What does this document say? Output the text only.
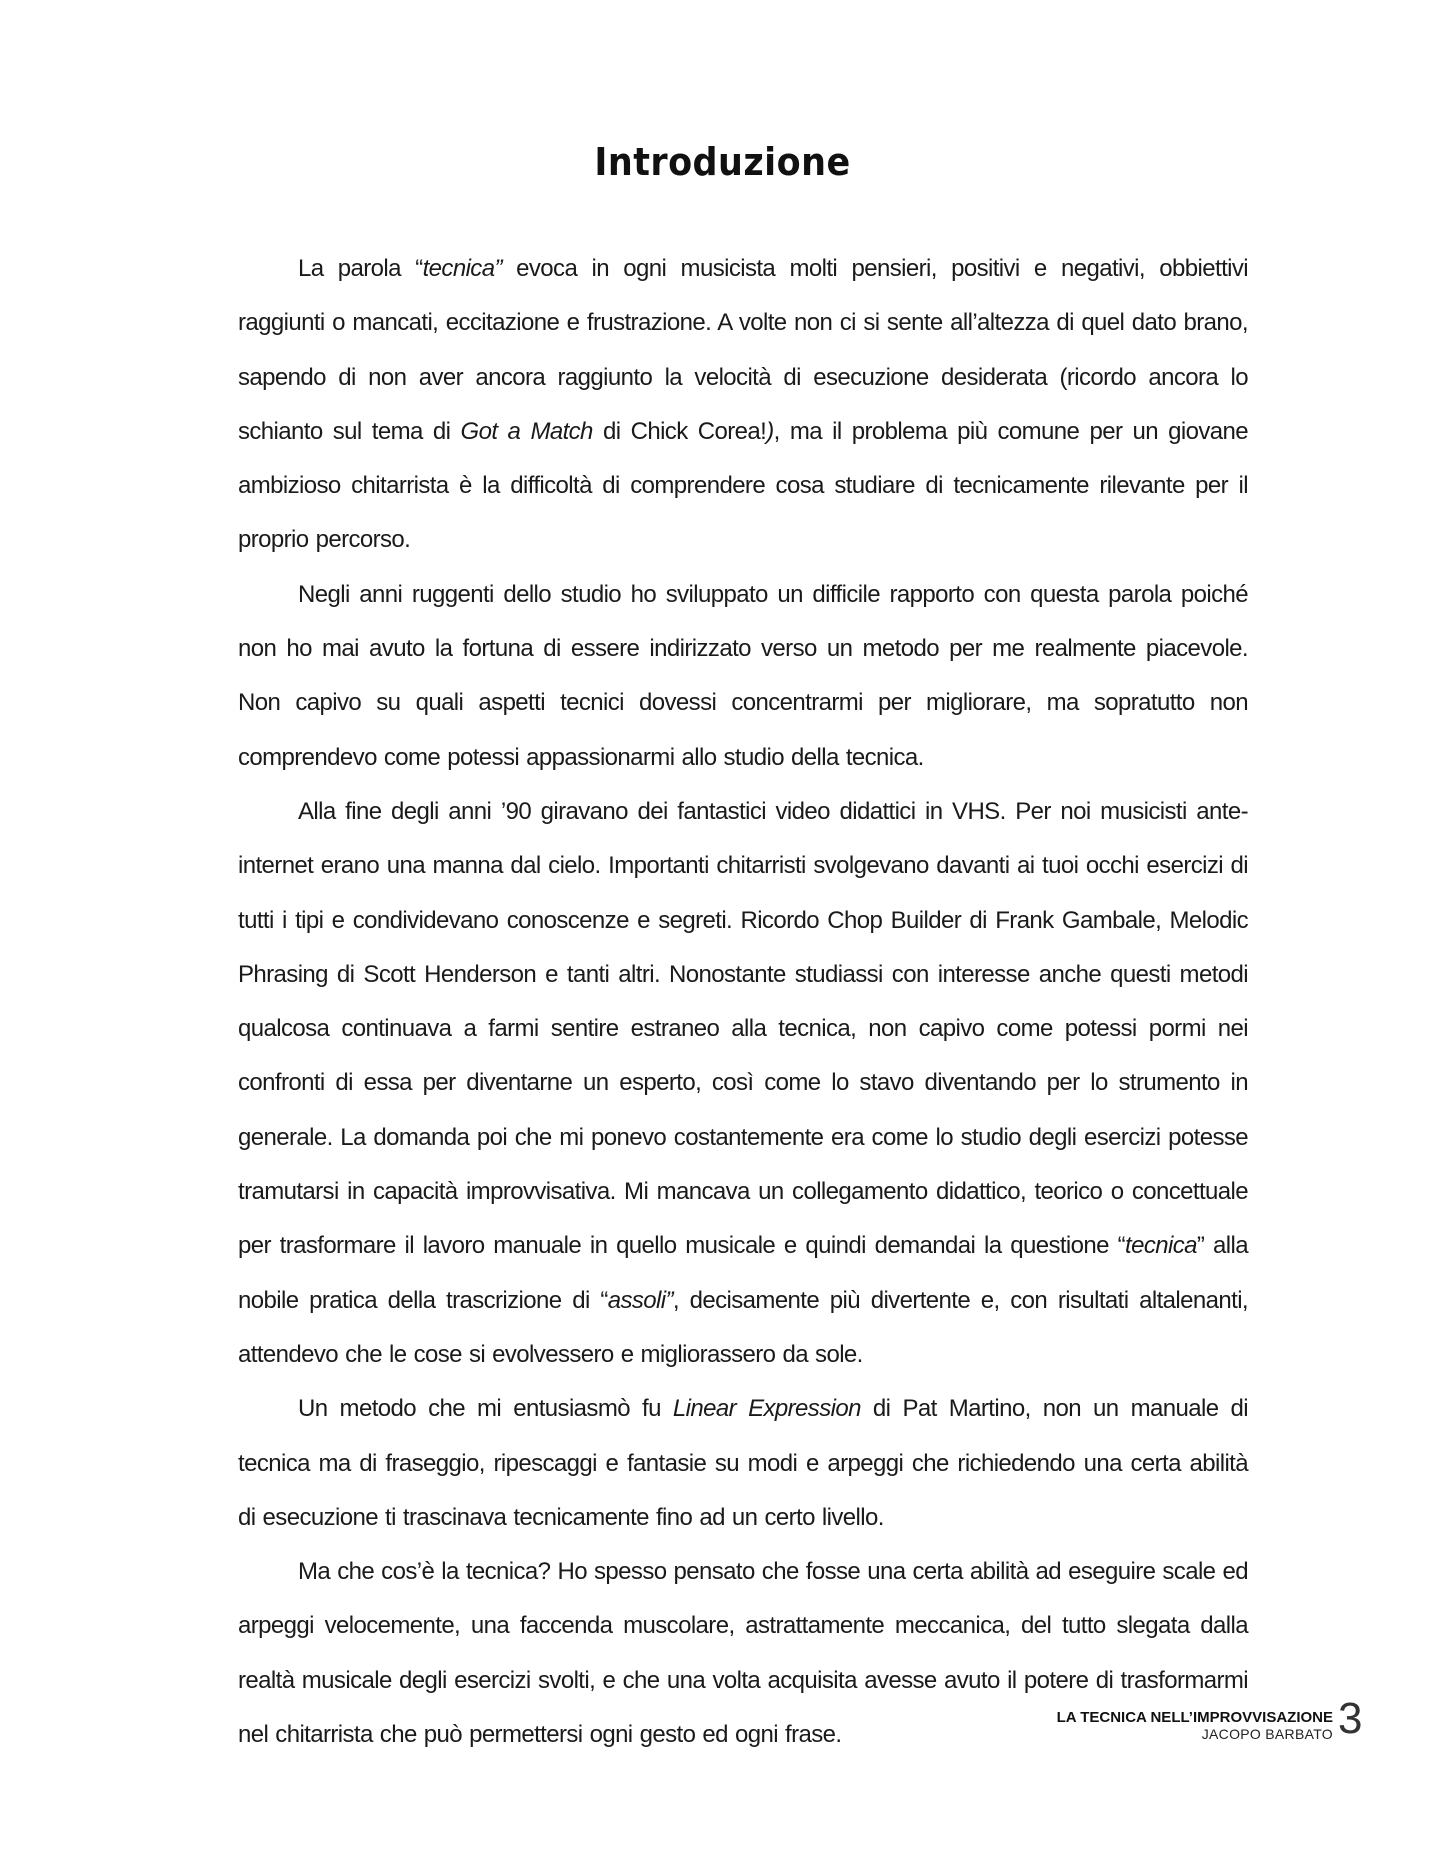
Introduzione

La parola “tecnica” evoca in ogni musicista molti pensieri, positivi e negativi, obbiettivi raggiunti o mancati, eccitazione e frustrazione. A volte non ci si sente all’altezza di quel dato brano, sapendo di non aver ancora raggiunto la velocità di esecuzione desiderata (ricordo ancora lo schianto sul tema di Got a Match di Chick Corea!), ma il problema più comune per un giovane ambizioso chitarrista è la difficoltà di comprendere cosa studiare di tecnicamente rilevante per il proprio percorso.

Negli anni ruggenti dello studio ho sviluppato un difficile rapporto con questa parola poiché non ho mai avuto la fortuna di essere indirizzato verso un metodo per me realmente piacevole. Non capivo su quali aspetti tecnici dovessi concentrarmi per migliorare, ma sopratutto non comprendevo come potessi appassionarmi allo studio della tecnica.

Alla fine degli anni ’90 giravano dei fantastici video didattici in VHS. Per noi musicisti ante-internet erano una manna dal cielo. Importanti chitarristi svolgevano davanti ai tuoi occhi esercizi di tutti i tipi e condividevano conoscenze e segreti. Ricordo Chop Builder di Frank Gambale, Melodic Phrasing di Scott Henderson e tanti altri. Nonostante studiassi con interesse anche questi metodi qualcosa continuava a farmi sentire estraneo alla tecnica, non capivo come potessi pormi nei confronti di essa per diventarne un esperto, così come lo stavo diventando per lo strumento in generale. La domanda poi che mi ponevo costantemente era come lo studio degli esercizi potesse tramutarsi in capacità improvvisativa. Mi mancava un collegamento didattico, teorico o concettuale per trasformare il lavoro manuale in quello musicale e quindi demandai la questione “tecnica” alla nobile pratica della trascrizione di “assoli”, decisamente più divertente e, con risultati altalenanti, attendevo che le cose si evolvessero e migliorassero da sole.

Un metodo che mi entusiasmò fu Linear Expression di Pat Martino, non un manuale di tecnica ma di fraseggio, ripescaggi e fantasie su modi e arpeggi che richiedendo una certa abilità di esecuzione ti trascinava tecnicamente fino ad un certo livello.

Ma che cos’è la tecnica? Ho spesso pensato che fosse una certa abilità ad eseguire scale ed arpeggi velocemente, una faccenda muscolare, astrattamente meccanica, del tutto slegata dalla realtà musicale degli esercizi svolti, e che una volta acquisita avesse avuto il potere di trasformarmi nel chitarrista che può permettersi ogni gesto ed ogni frase.

LA TECNICA NELL’IMPROVVISAZIONE
JACOPO BARBATO 3
